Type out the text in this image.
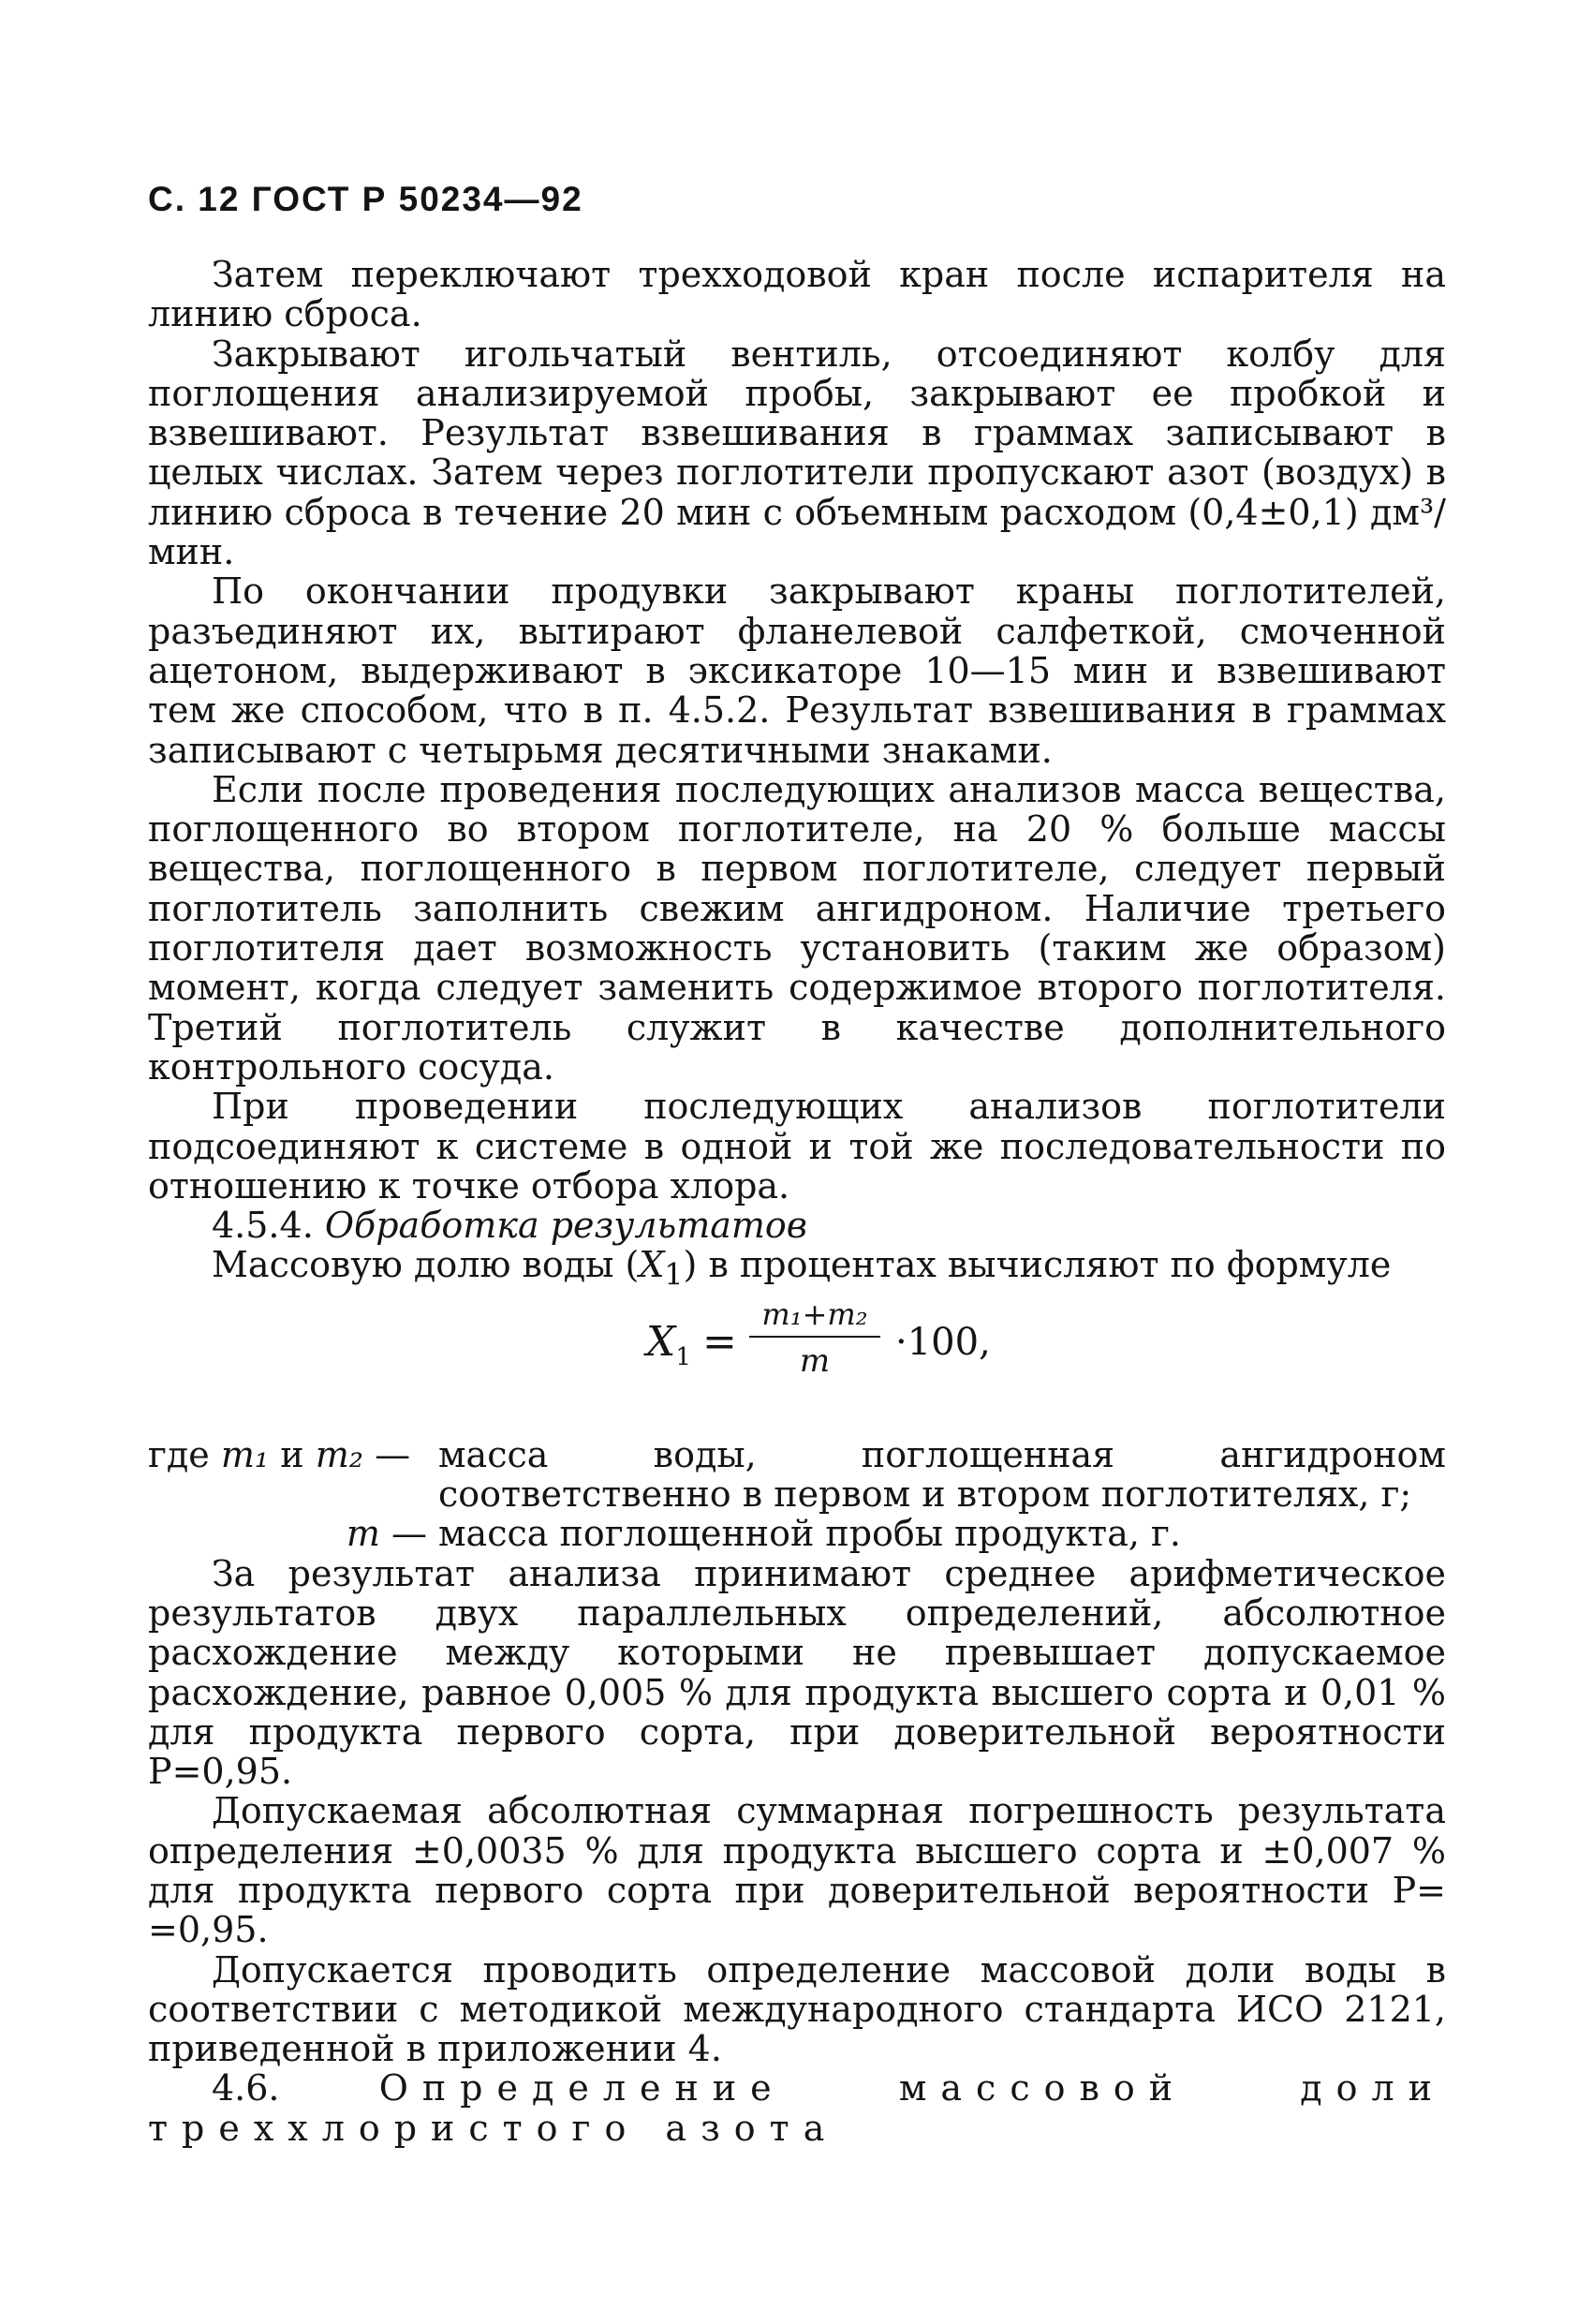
С. 12 ГОСТ Р 50234—92

Затем переключают трехходовой кран после испарителя на линию сброса.

Закрывают игольчатый вентиль, отсоединяют колбу для поглощения анализируемой пробы, закрывают ее пробкой и взвешивают. Результат взвешивания в граммах записывают в целых числах. Затем через поглотители пропускают азот (воздух) в линию сброса в течение 20 мин с объемным расходом (0,4±0,1) дм³/мин.

По окончании продувки закрывают краны поглотителей, разъединяют их, вытирают фланелевой салфеткой, смоченной ацетоном, выдерживают в эксикаторе 10—15 мин и взвешивают тем же способом, что в п. 4.5.2. Результат взвешивания в граммах записывают с четырьмя десятичными знаками.

Если после проведения последующих анализов масса вещества, поглощенного во втором поглотителе, на 20 % больше массы вещества, поглощенного в первом поглотителе, следует первый поглотитель заполнить свежим ангидроном. Наличие третьего поглотителя дает возможность установить (таким же образом) момент, когда следует заменить содержимое второго поглотителя. Третий поглотитель служит в качестве дополнительного контрольного сосуда.

При проведении последующих анализов поглотители подсоединяют к системе в одной и той же последовательности по отношению к точке отбора хлора.

4.5.4. Обработка результатов

Массовую долю воды $(X_1)$ в процентах вычисляют по формуле

$X_1$ =
m₁+m₂
m	·100,
где m₁ и m₂ — масса воды, поглощенная ангидроном соответственно в первом и втором поглотителях, г;
m — масса поглощенной пробы продукта, г.

За результат анализа принимают среднее арифметическое результатов двух параллельных определений, абсолютное расхождение между которыми не превышает допускаемое расхождение, равное 0,005 % для продукта высшего сорта и 0,01 % для продукта первого сорта, при доверительной вероятности P=0,95.

Допускаемая абсолютная суммарная погрешность результата определения ±0,0035 % для продукта высшего сорта и ±0,007 % для продукта первого сорта при доверительной вероятности P= =0,95.

Допускается проводить определение массовой доли воды в соответствии с методикой международного стандарта ИСО 2121, приведенной в приложении 4.

4.6.	Определение массовой доли треххлористого азота
